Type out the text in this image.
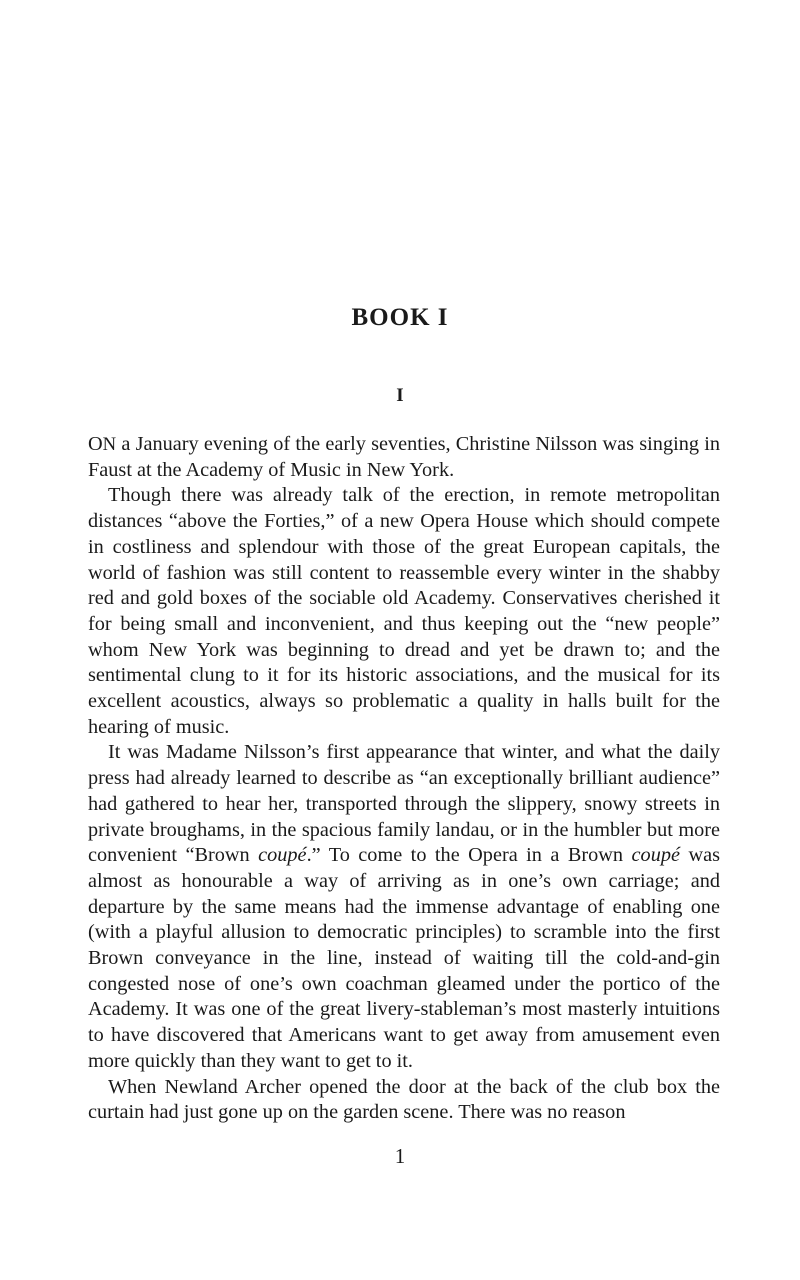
BOOK I
I

ON a January evening of the early seventies, Christine Nilsson was singing in Faust at the Academy of Music in New York.

Though there was already talk of the erection, in remote metropolitan distances “above the Forties,” of a new Opera House which should compete in costliness and splendour with those of the great European capitals, the world of fashion was still content to reassemble every winter in the shabby red and gold boxes of the sociable old Academy. Conservatives cherished it for being small and inconvenient, and thus keeping out the “new people” whom New York was beginning to dread and yet be drawn to; and the sentimental clung to it for its historic associations, and the musical for its excellent acoustics, always so problematic a quality in halls built for the hearing of music.

It was Madame Nilsson’s first appearance that winter, and what the daily press had already learned to describe as “an exceptionally brilliant audience” had gathered to hear her, transported through the slippery, snowy streets in private broughams, in the spacious family landau, or in the humbler but more convenient “Brown coupé.” To come to the Opera in a Brown coupé was almost as honourable a way of arriving as in one’s own carriage; and departure by the same means had the immense advantage of enabling one (with a playful allusion to democratic principles) to scramble into the first Brown conveyance in the line, instead of waiting till the cold-and-gin congested nose of one’s own coachman gleamed under the portico of the Academy. It was one of the great livery-stableman’s most masterly intuitions to have discovered that Americans want to get away from amusement even more quickly than they want to get to it.

When Newland Archer opened the door at the back of the club box the curtain had just gone up on the garden scene. There was no reason

1
